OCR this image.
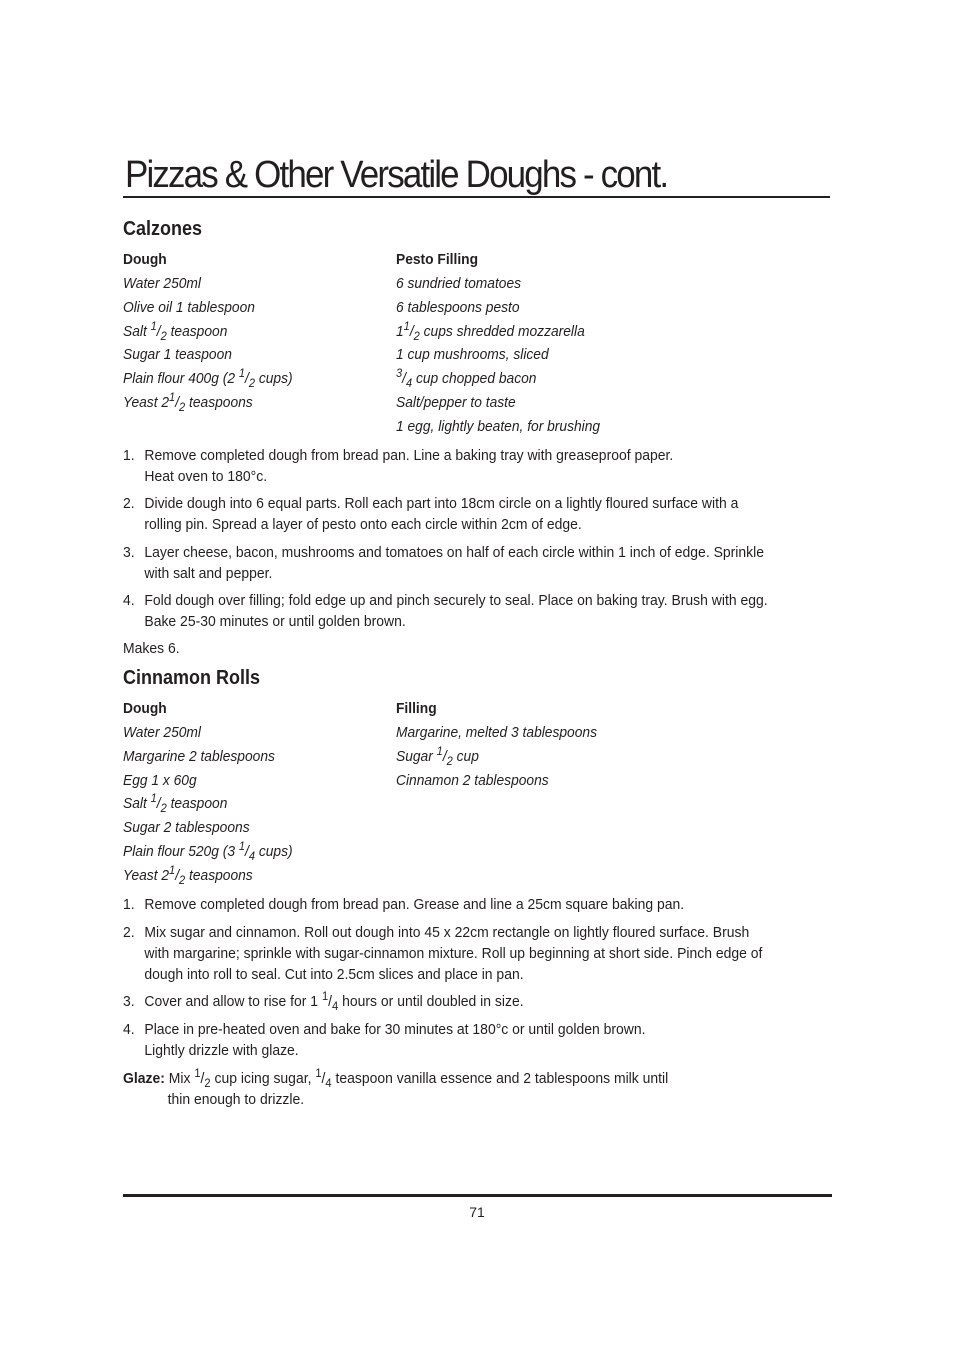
Pizzas & Other Versatile Doughs - cont.
Calzones
Dough
Water 250ml
Olive oil 1 tablespoon
Salt $^1/_2$ teaspoon
Sugar 1 teaspoon
Plain flour 400g (2 $^1/_2$ cups)
Yeast $2^1/_2$ teaspoons
Pesto Filling
6 sundried tomatoes
6 tablespoons pesto
$1^1/_2$ cups shredded mozzarella
1 cup mushrooms, sliced
$^3/_4$ cup chopped bacon
Salt/pepper to taste
1 egg, lightly beaten, for brushing
1. Remove completed dough from bread pan. Line a baking tray with greaseproof paper.
Heat oven to 180°c.
2. Divide dough into 6 equal parts. Roll each part into 18cm circle on a lightly floured surface with a
rolling pin. Spread a layer of pesto onto each circle within 2cm of edge.
3. Layer cheese, bacon, mushrooms and tomatoes on half of each circle within 1 inch of edge. Sprinkle
with salt and pepper.
4. Fold dough over filling; fold edge up and pinch securely to seal. Place on baking tray. Brush with egg.
Bake 25-30 minutes or until golden brown.
Makes 6.
Cinnamon Rolls
Dough
Water 250ml
Margarine 2 tablespoons
Egg 1 x 60g
Salt $^1/_2$ teaspoon
Sugar 2 tablespoons
Plain flour 520g (3 $^1/_4$ cups)
Yeast $2^1/_2$ teaspoons
Filling
Margarine, melted 3 tablespoons
Sugar $^1/_2$ cup
Cinnamon 2 tablespoons
1. Remove completed dough from bread pan. Grease and line a 25cm square baking pan.
2. Mix sugar and cinnamon. Roll out dough into 45 x 22cm rectangle on lightly floured surface. Brush
with margarine; sprinkle with sugar-cinnamon mixture. Roll up beginning at short side. Pinch edge of
dough into roll to seal. Cut into 2.5cm slices and place in pan.
3. Cover and allow to rise for 1 $^1/_4$ hours or until doubled in size.
4. Place in pre-heated oven and bake for 30 minutes at 180°c or until golden brown.
Lightly drizzle with glaze.
Glaze: Mix $^1/_2$ cup icing sugar, $^1/_4$ teaspoon vanilla essence and 2 tablespoons milk until
thin enough to drizzle.
71
